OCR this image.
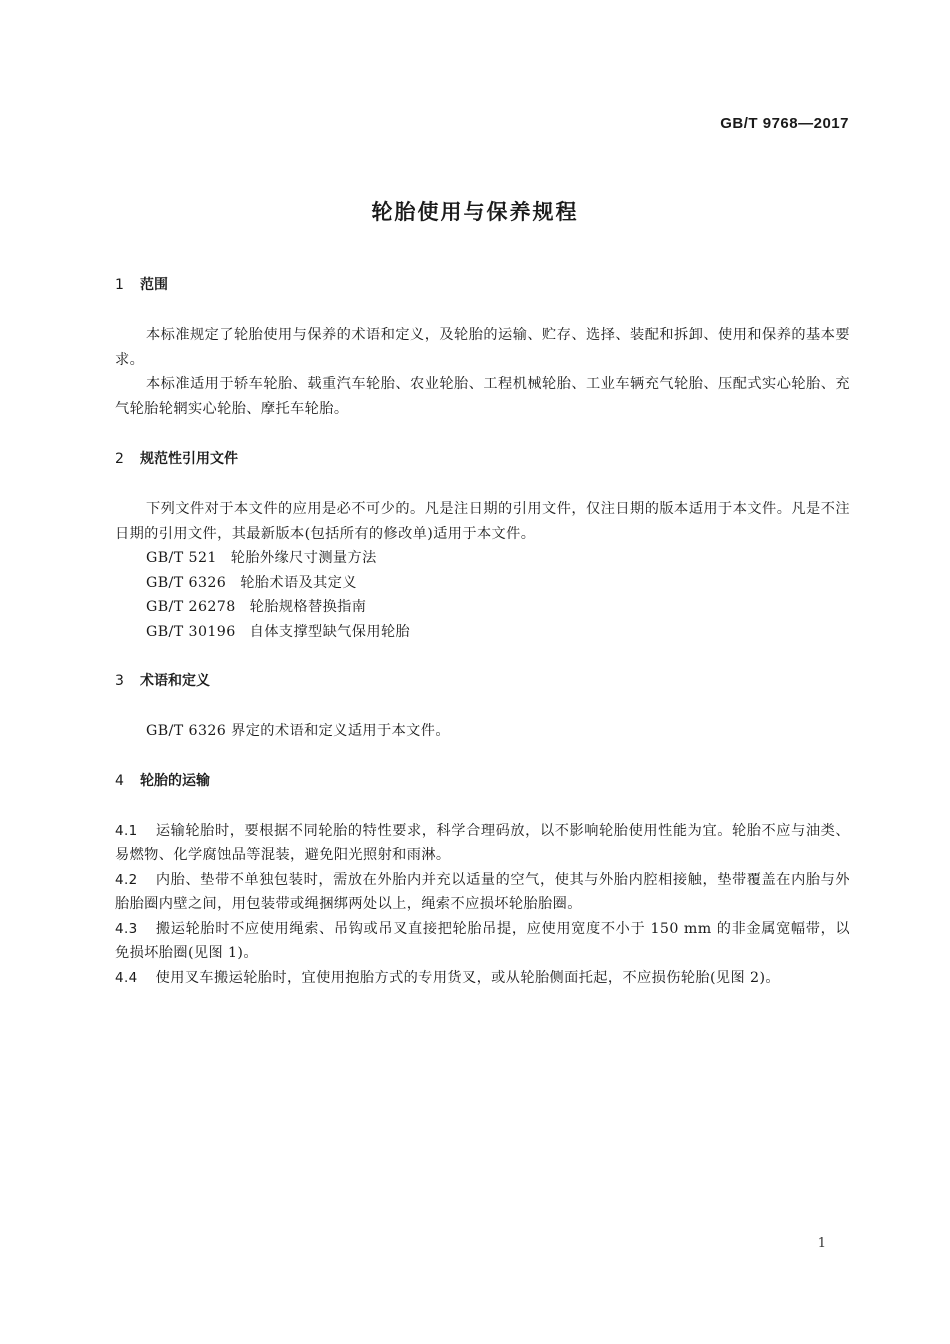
GB/T 9768—2017
轮胎使用与保养规程
1 范围
本标准规定了轮胎使用与保养的术语和定义，及轮胎的运输、贮存、选择、装配和拆卸、使用和保养的基本要求。
本标准适用于轿车轮胎、载重汽车轮胎、农业轮胎、工程机械轮胎、工业车辆充气轮胎、压配式实心轮胎、充气轮胎轮辋实心轮胎、摩托车轮胎。
2 规范性引用文件
下列文件对于本文件的应用是必不可少的。凡是注日期的引用文件，仅注日期的版本适用于本文件。凡是不注日期的引用文件，其最新版本(包括所有的修改单)适用于本文件。
GB/T 521 轮胎外缘尺寸测量方法
GB/T 6326 轮胎术语及其定义
GB/T 26278 轮胎规格替换指南
GB/T 30196 自体支撑型缺气保用轮胎
3 术语和定义
GB/T 6326 界定的术语和定义适用于本文件。
4 轮胎的运输
4.1 运输轮胎时，要根据不同轮胎的特性要求，科学合理码放，以不影响轮胎使用性能为宜。轮胎不应与油类、易燃物、化学腐蚀品等混装，避免阳光照射和雨淋。
4.2 内胎、垫带不单独包装时，需放在外胎内并充以适量的空气，使其与外胎内腔相接触，垫带覆盖在内胎与外胎胎圈内壁之间，用包装带或绳捆绑两处以上，绳索不应损坏轮胎胎圈。
4.3 搬运轮胎时不应使用绳索、吊钩或吊叉直接把轮胎吊提，应使用宽度不小于 150 mm 的非金属宽幅带，以免损坏胎圈(见图 1)。
4.4 使用叉车搬运轮胎时，宜使用抱胎方式的专用货叉，或从轮胎侧面托起，不应损伤轮胎(见图 2)。
1
